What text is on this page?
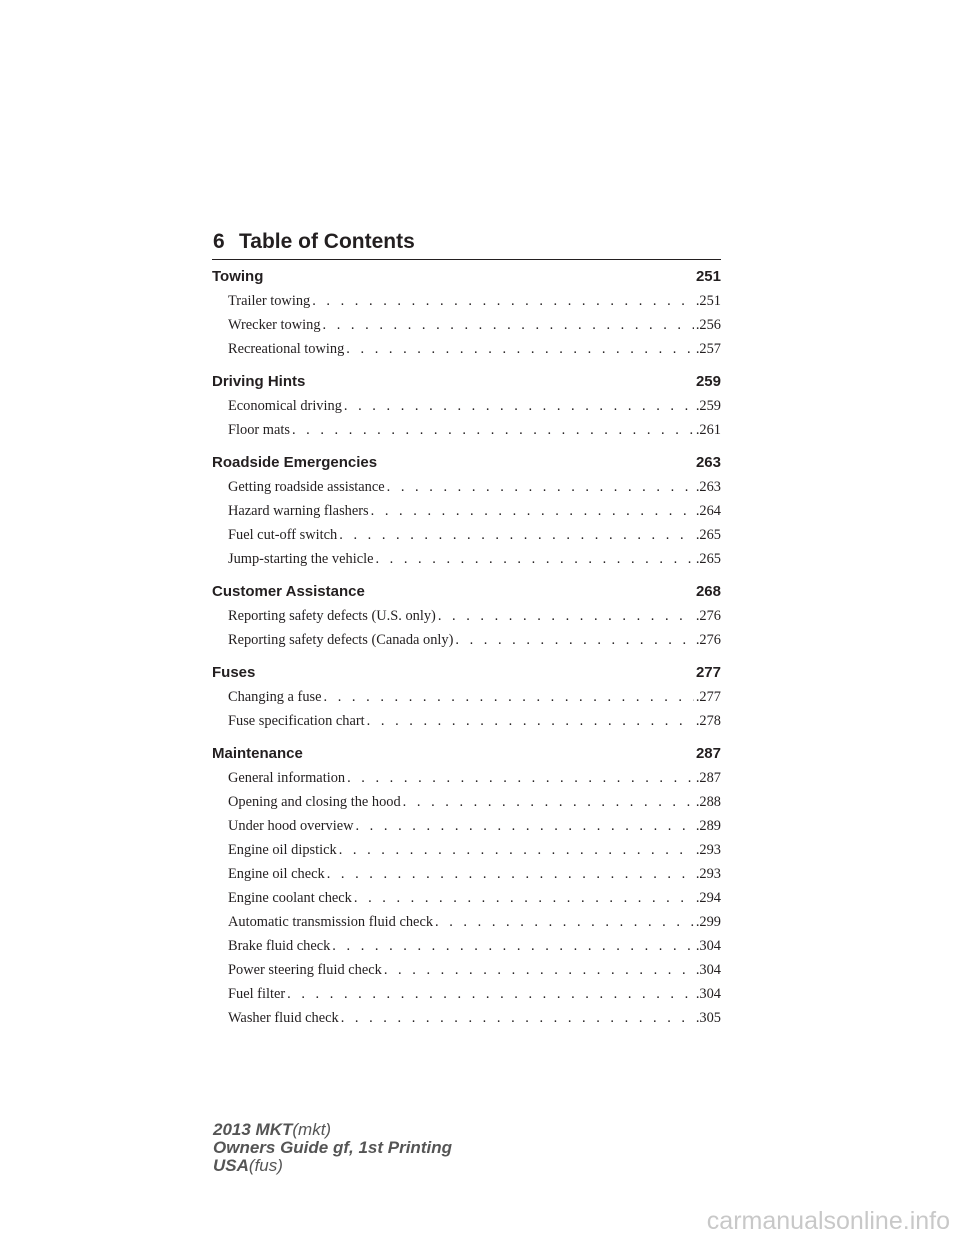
6 Table of Contents
Towing	251
Trailer towing . . .	.251
Wrecker towing . . .	.256
Recreational towing . . .	.257
Driving Hints	259
Economical driving . . .	.259
Floor mats . . .	.261
Roadside Emergencies	263
Getting roadside assistance . . .	.263
Hazard warning flashers . . .	.264
Fuel cut-off switch . . .	.265
Jump-starting the vehicle . . .	.265
Customer Assistance	268
Reporting safety defects (U.S. only) . . .	.276
Reporting safety defects (Canada only) . . .	.276
Fuses	277
Changing a fuse . . .	.277
Fuse specification chart . . .	.278
Maintenance	287
General information . . .	.287
Opening and closing the hood . . .	.288
Under hood overview . . .	.289
Engine oil dipstick . . .	.293
Engine oil check . . .	.293
Engine coolant check . . .	.294
Automatic transmission fluid check . . .	.299
Brake fluid check . . .	.304
Power steering fluid check . . .	.304
Fuel filter . . .	.304
Washer fluid check . . .	.305
2013 MKT(mkt)
Owners Guide gf, 1st Printing
USA(fus)
carmanualsonline.info
